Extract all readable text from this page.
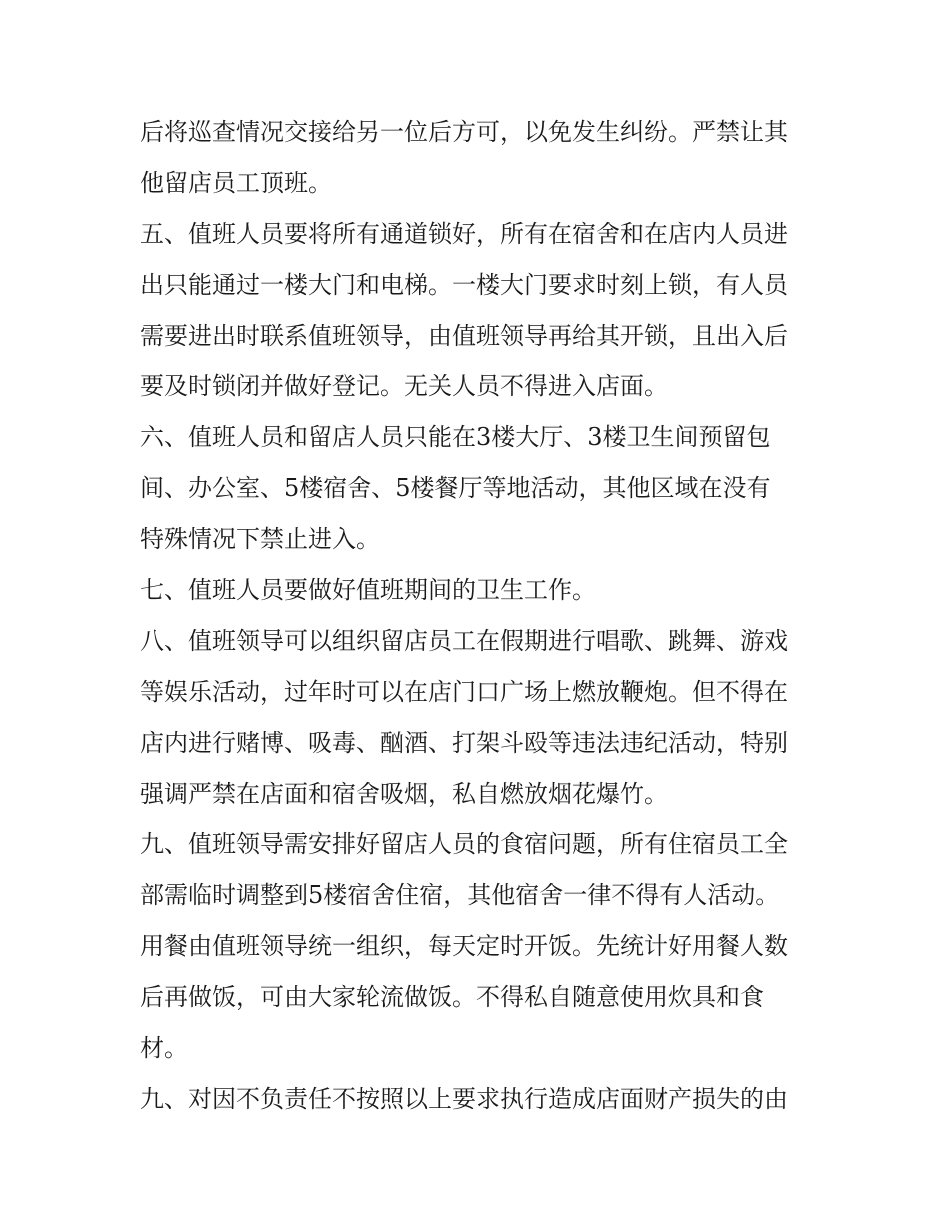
后将巡查情况交接给另一位后方可，以免发生纠纷。严禁让其
他留店员工顶班。
五、值班人员要将所有通道锁好，所有在宿舍和在店内人员进
出只能通过一楼大门和电梯。一楼大门要求时刻上锁，有人员
需要进出时联系值班领导，由值班领导再给其开锁，且出入后
要及时锁闭并做好登记。无关人员不得进入店面。
六、值班人员和留店人员只能在3楼大厅、3楼卫生间预留包
间、办公室、5楼宿舍、5楼餐厅等地活动，其他区域在没有
特殊情况下禁止进入。
七、值班人员要做好值班期间的卫生工作。
八、值班领导可以组织留店员工在假期进行唱歌、跳舞、游戏
等娱乐活动，过年时可以在店门口广场上燃放鞭炮。但不得在
店内进行赌博、吸毒、酗酒、打架斗殴等违法违纪活动，特别
强调严禁在店面和宿舍吸烟，私自燃放烟花爆竹。
九、值班领导需安排好留店人员的食宿问题，所有住宿员工全
部需临时调整到5楼宿舍住宿，其他宿舍一律不得有人活动。
用餐由值班领导统一组织，每天定时开饭。先统计好用餐人数
后再做饭，可由大家轮流做饭。不得私自随意使用炊具和食
材。
九、对因不负责任不按照以上要求执行造成店面财产损失的由
